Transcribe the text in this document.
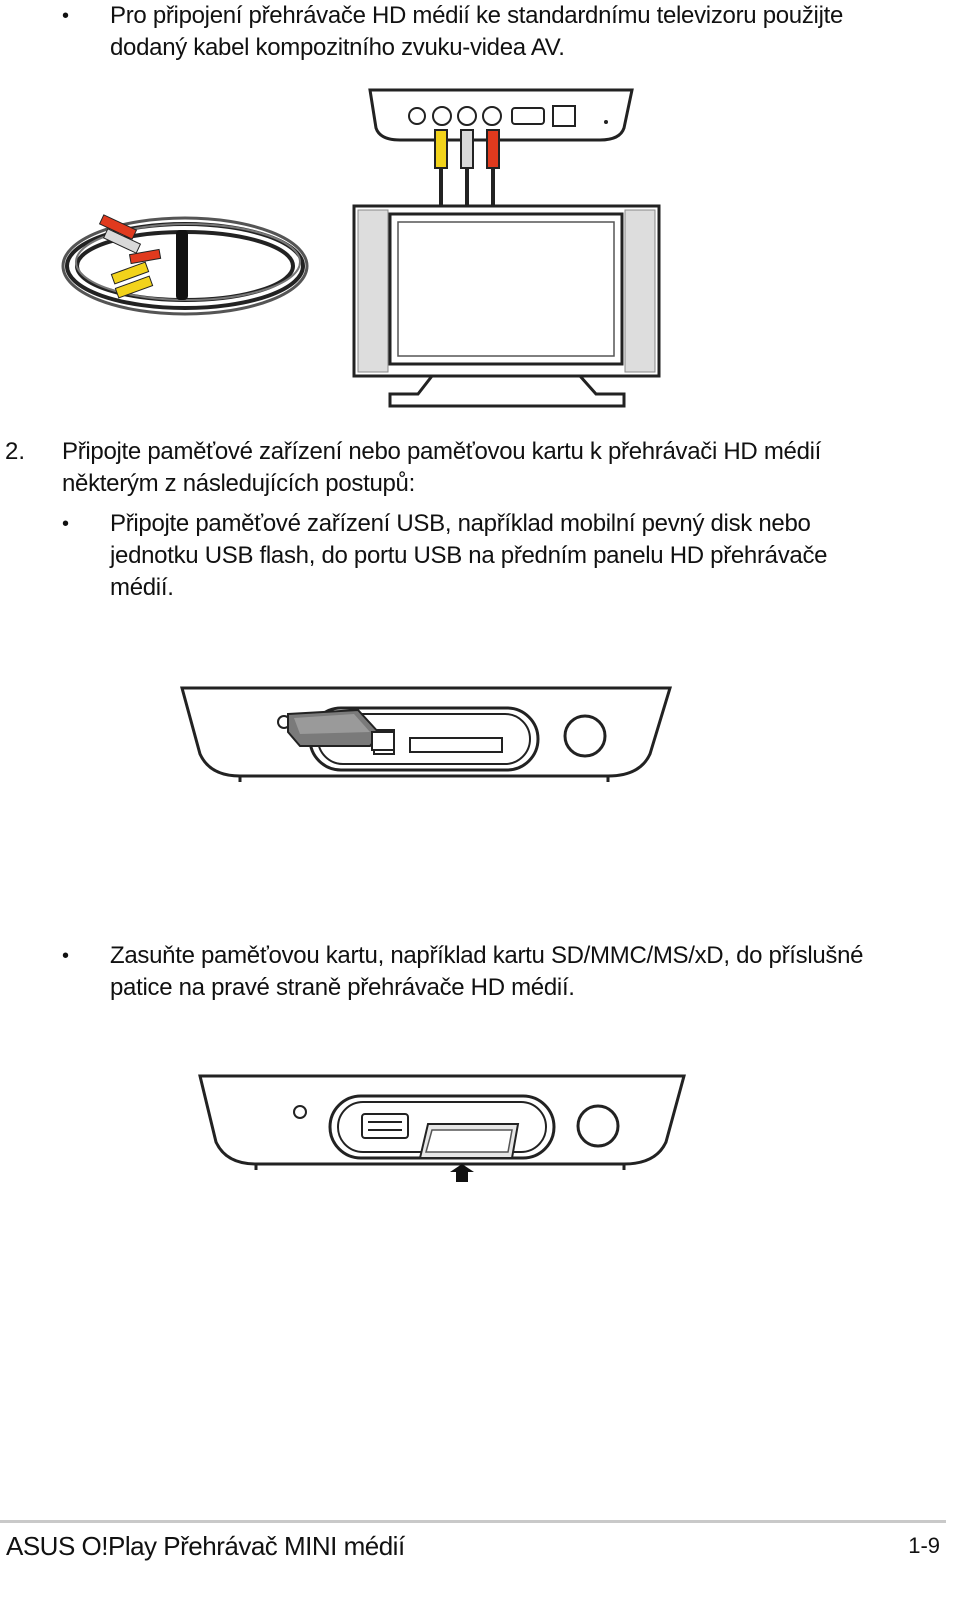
• Pro připojení přehrávače HD médií ke standardnímu televizoru použijte dodaný kabel kompozitního zvuku-videa AV.
2. Připojte paměťové zařízení nebo paměťovou kartu k přehrávači HD médií některým z následujících postupů:
• Připojte paměťové zařízení USB, například mobilní pevný disk nebo jednotku USB flash, do portu USB na předním panelu HD přehrávače médií.
• Zasuňte paměťovou kartu, například kartu SD/MMC/MS/xD, do příslušné patice na pravé straně přehrávače HD médií.
ASUS O!Play Přehrávač MINI médií	1-9
